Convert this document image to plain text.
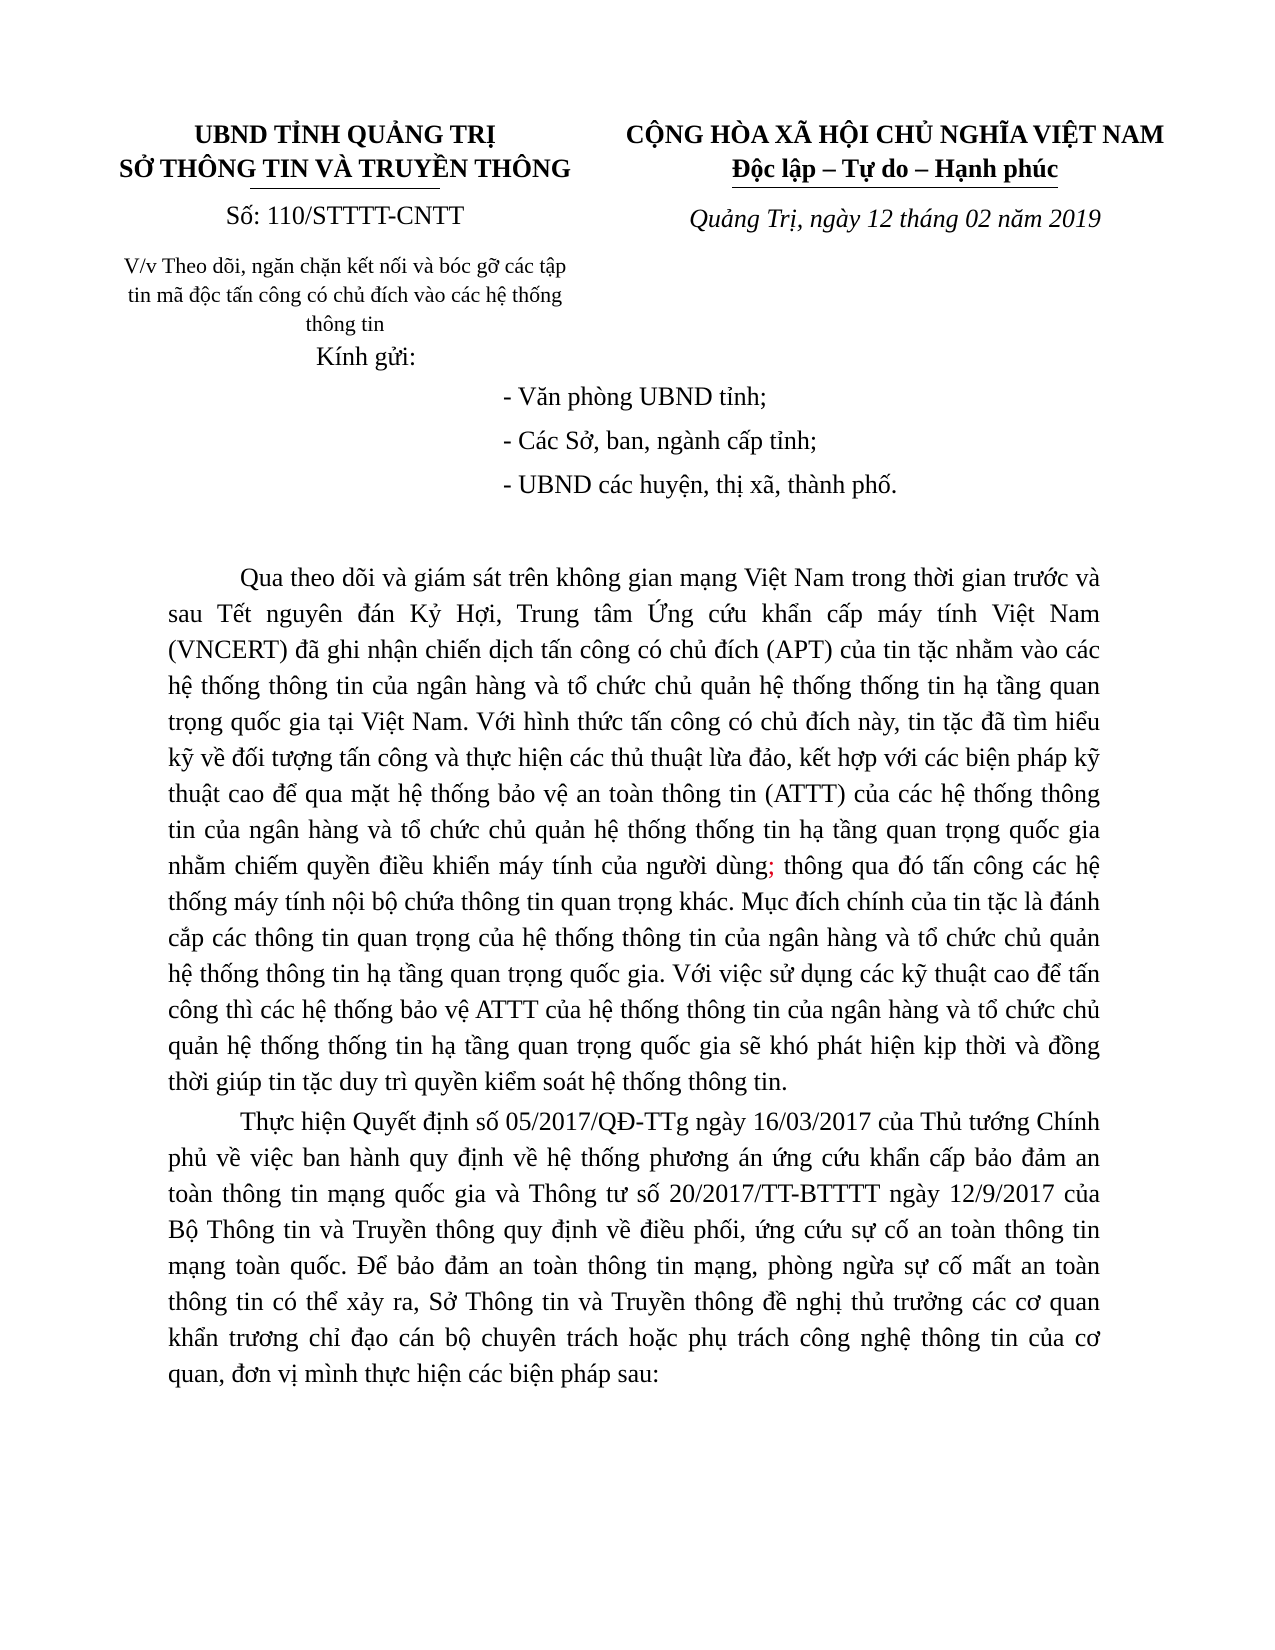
UBND TỈNH QUẢNG TRỊ
SỞ THÔNG TIN VÀ TRUYỀN THÔNG
Số: 110/STTTT-CNTT
V/v Theo dõi, ngăn chặn kết nối và bóc gỡ các tập tin mã độc tấn công có chủ đích vào các hệ thống thông tin
CỘNG HÒA XÃ HỘI CHỦ NGHĨA VIỆT NAM
Độc lập – Tự do – Hạnh phúc
Quảng Trị, ngày 12 tháng 02 năm 2019
Kính gửi:
- Văn phòng UBND tỉnh;
- Các Sở, ban, ngành cấp tỉnh;
- UBND các huyện, thị xã, thành phố.

Qua theo dõi và giám sát trên không gian mạng Việt Nam trong thời gian trước và sau Tết nguyên đán Kỷ Hợi, Trung tâm Ứng cứu khẩn cấp máy tính Việt Nam (VNCERT) đã ghi nhận chiến dịch tấn công có chủ đích (APT) của tin tặc nhằm vào các hệ thống thông tin của ngân hàng và tổ chức chủ quản hệ thống thống tin hạ tầng quan trọng quốc gia tại Việt Nam. Với hình thức tấn công có chủ đích này, tin tặc đã tìm hiểu kỹ về đối tượng tấn công và thực hiện các thủ thuật lừa đảo, kết hợp với các biện pháp kỹ thuật cao để qua mặt hệ thống bảo vệ an toàn thông tin (ATTT) của các hệ thống thông tin của ngân hàng và tổ chức chủ quản hệ thống thống tin hạ tầng quan trọng quốc gia nhằm chiếm quyền điều khiển máy tính của người dùng; thông qua đó tấn công các hệ thống máy tính nội bộ chứa thông tin quan trọng khác. Mục đích chính của tin tặc là đánh cắp các thông tin quan trọng của hệ thống thông tin của ngân hàng và tổ chức chủ quản hệ thống thông tin hạ tầng quan trọng quốc gia. Với việc sử dụng các kỹ thuật cao để tấn công thì các hệ thống bảo vệ ATTT của hệ thống thông tin của ngân hàng và tổ chức chủ quản hệ thống thống tin hạ tầng quan trọng quốc gia sẽ khó phát hiện kịp thời và đồng thời giúp tin tặc duy trì quyền kiểm soát hệ thống thông tin.

Thực hiện Quyết định số 05/2017/QĐ-TTg ngày 16/03/2017 của Thủ tướng Chính phủ về việc ban hành quy định về hệ thống phương án ứng cứu khẩn cấp bảo đảm an toàn thông tin mạng quốc gia và Thông tư số 20/2017/TT-BTTTT ngày 12/9/2017 của Bộ Thông tin và Truyền thông quy định về điều phối, ứng cứu sự cố an toàn thông tin mạng toàn quốc. Để bảo đảm an toàn thông tin mạng, phòng ngừa sự cố mất an toàn thông tin có thể xảy ra, Sở Thông tin và Truyền thông đề nghị thủ trưởng các cơ quan khẩn trương chỉ đạo cán bộ chuyên trách hoặc phụ trách công nghệ thông tin của cơ quan, đơn vị mình thực hiện các biện pháp sau:
